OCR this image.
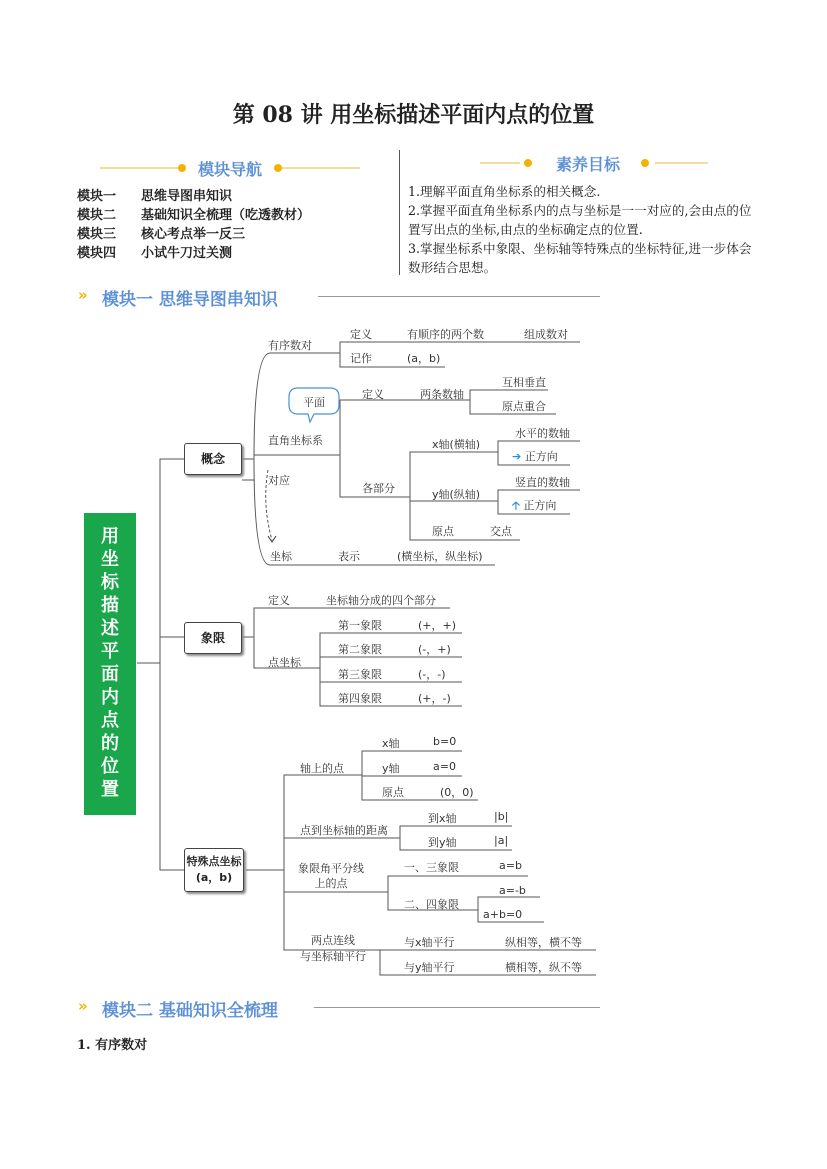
第 08 讲 用坐标描述平面内点的位置
模块导航
模块一 思维导图串知识
模块二 基础知识全梳理（吃透教材）
模块三 核心考点举一反三
模块四 小试牛刀过关测
素养目标
1.理解平面直角坐标系的相关概念.
2.掌握平面直角坐标系内的点与坐标是一一对应的,会由点的位置写出点的坐标,由点的坐标确定点的位置.
3.掌握坐标系中象限、坐标轴等特殊点的坐标特征,进一步体会数形结合思想。
» 模块一 思维导图串知识
用坐标描述平面内点的位置
概念
象限
特殊点坐标
(a，b)
有序数对
定义	有顺序的两个数	组成数对
记作	(a，b)
平面
直角坐标系
定义	两条数轴
互相垂直
原点重合
各部分
x轴(横轴)
水平的数轴
➔ 正方向
y轴(纵轴)
竖直的数轴
🡡 正方向
原点	交点
对应
坐标	表示	(横坐标，纵坐标)
定义	坐标轴分成的四个部分
点坐标
第一象限	(+，+)
第二象限	(-，+)
第三象限	(-，-)
第四象限	(+，-)
轴上的点
x轴	b=0
y轴	a=0
原点	(0，0)
点到坐标轴的距离
到x轴	|b|
到y轴	|a|
象限角平分线
上的点
一、三象限	a=b
二、四象限
a=-b
a+b=0
两点连线
与坐标轴平行
与x轴平行	纵相等，横不等
与y轴平行	横相等，纵不等
» 模块二 基础知识全梳理
1. 有序数对
